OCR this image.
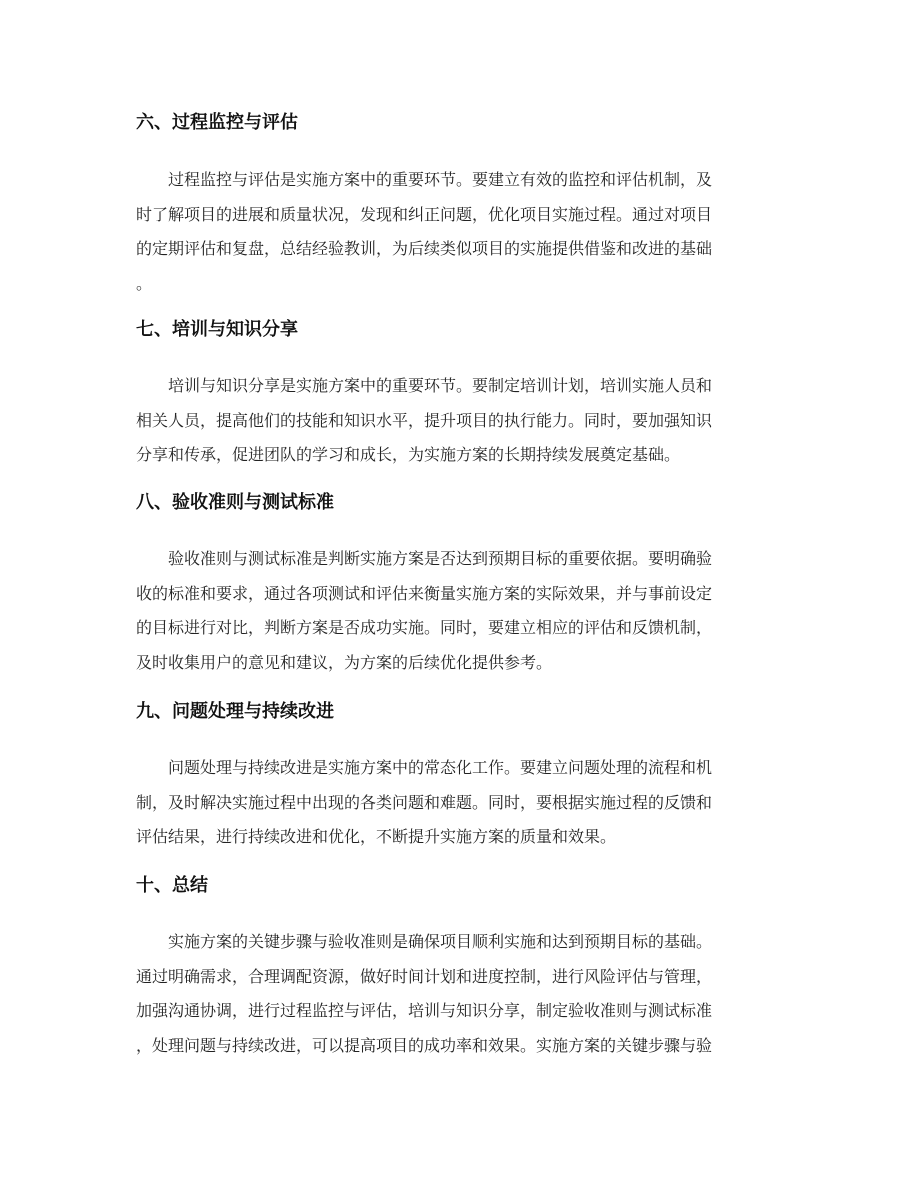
六、过程监控与评估
过程监控与评估是实施方案中的重要环节。要建立有效的监控和评估机制，及
时了解项目的进展和质量状况，发现和纠正问题，优化项目实施过程。通过对项目
的定期评估和复盘，总结经验教训，为后续类似项目的实施提供借鉴和改进的基础
。
七、培训与知识分享
培训与知识分享是实施方案中的重要环节。要制定培训计划，培训实施人员和
相关人员，提高他们的技能和知识水平，提升项目的执行能力。同时，要加强知识
分享和传承，促进团队的学习和成长，为实施方案的长期持续发展奠定基础。
八、验收准则与测试标准
验收准则与测试标准是判断实施方案是否达到预期目标的重要依据。要明确验
收的标准和要求，通过各项测试和评估来衡量实施方案的实际效果，并与事前设定
的目标进行对比，判断方案是否成功实施。同时，要建立相应的评估和反馈机制，
及时收集用户的意见和建议，为方案的后续优化提供参考。
九、问题处理与持续改进
问题处理与持续改进是实施方案中的常态化工作。要建立问题处理的流程和机
制，及时解决实施过程中出现的各类问题和难题。同时，要根据实施过程的反馈和
评估结果，进行持续改进和优化，不断提升实施方案的质量和效果。
十、总结
实施方案的关键步骤与验收准则是确保项目顺利实施和达到预期目标的基础。
通过明确需求，合理调配资源，做好时间计划和进度控制，进行风险评估与管理，
加强沟通协调，进行过程监控与评估，培训与知识分享，制定验收准则与测试标准
，处理问题与持续改进，可以提高项目的成功率和效果。实施方案的关键步骤与验
